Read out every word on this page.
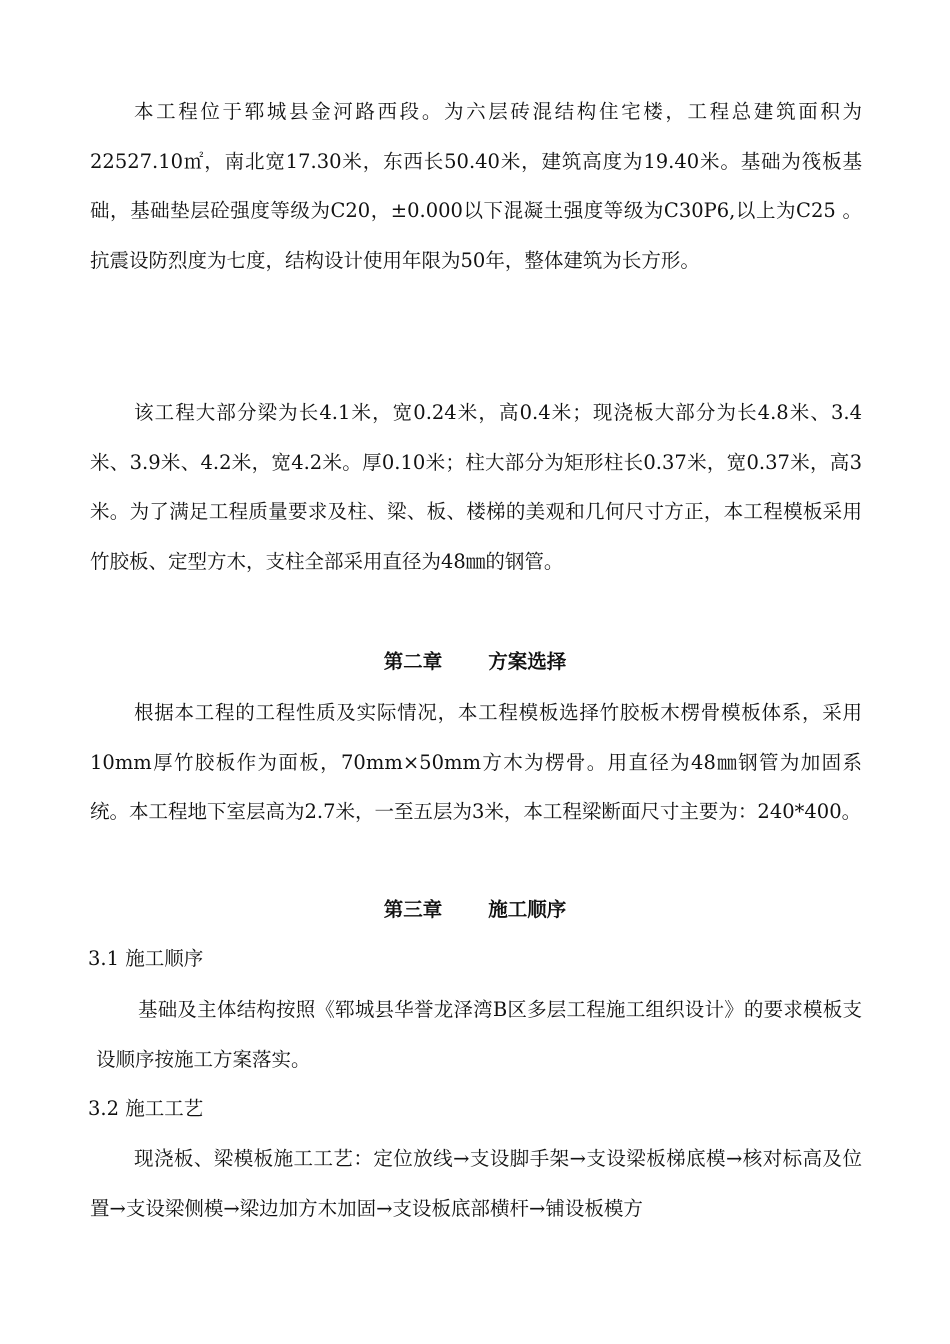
本工程位于郓城县金河路西段。为六层砖混结构住宅楼，工程总建筑面积为22527.10㎡，南北宽17.30米，东西长50.40米，建筑高度为19.40米。基础为筏板基础，基础垫层砼强度等级为C20，±0.000以下混凝土强度等级为C30P6,以上为C25 。抗震设防烈度为七度，结构设计使用年限为50年，整体建筑为长方形。

该工程大部分梁为长4.1米，宽0.24米，高0.4米；现浇板大部分为长4.8米、3.4米、3.9米、4.2米，宽4.2米。厚0.10米；柱大部分为矩形柱长0.37米，宽0.37米，高3米。为了满足工程质量要求及柱、梁、板、楼梯的美观和几何尺寸方正，本工程模板采用竹胶板、定型方木，支柱全部采用直径为48㎜的钢管。

第二章 方案选择

根据本工程的工程性质及实际情况，本工程模板选择竹胶板木楞骨模板体系，采用10mm厚竹胶板作为面板，70mm×50mm方木为楞骨。用直径为48㎜钢管为加固系统。本工程地下室层高为2.7米，一至五层为3米，本工程梁断面尺寸主要为：240*400。

第三章 施工顺序

3.1 施工顺序

基础及主体结构按照《郓城县华誉龙泽湾B区多层工程施工组织设计》的要求模板支设顺序按施工方案落实。

3.2 施工工艺

现浇板、梁模板施工工艺：定位放线→支设脚手架→支设梁板梯底模→核对标高及位置→支设梁侧模→梁边加方木加固→支设板底部横杆→铺设板模方
